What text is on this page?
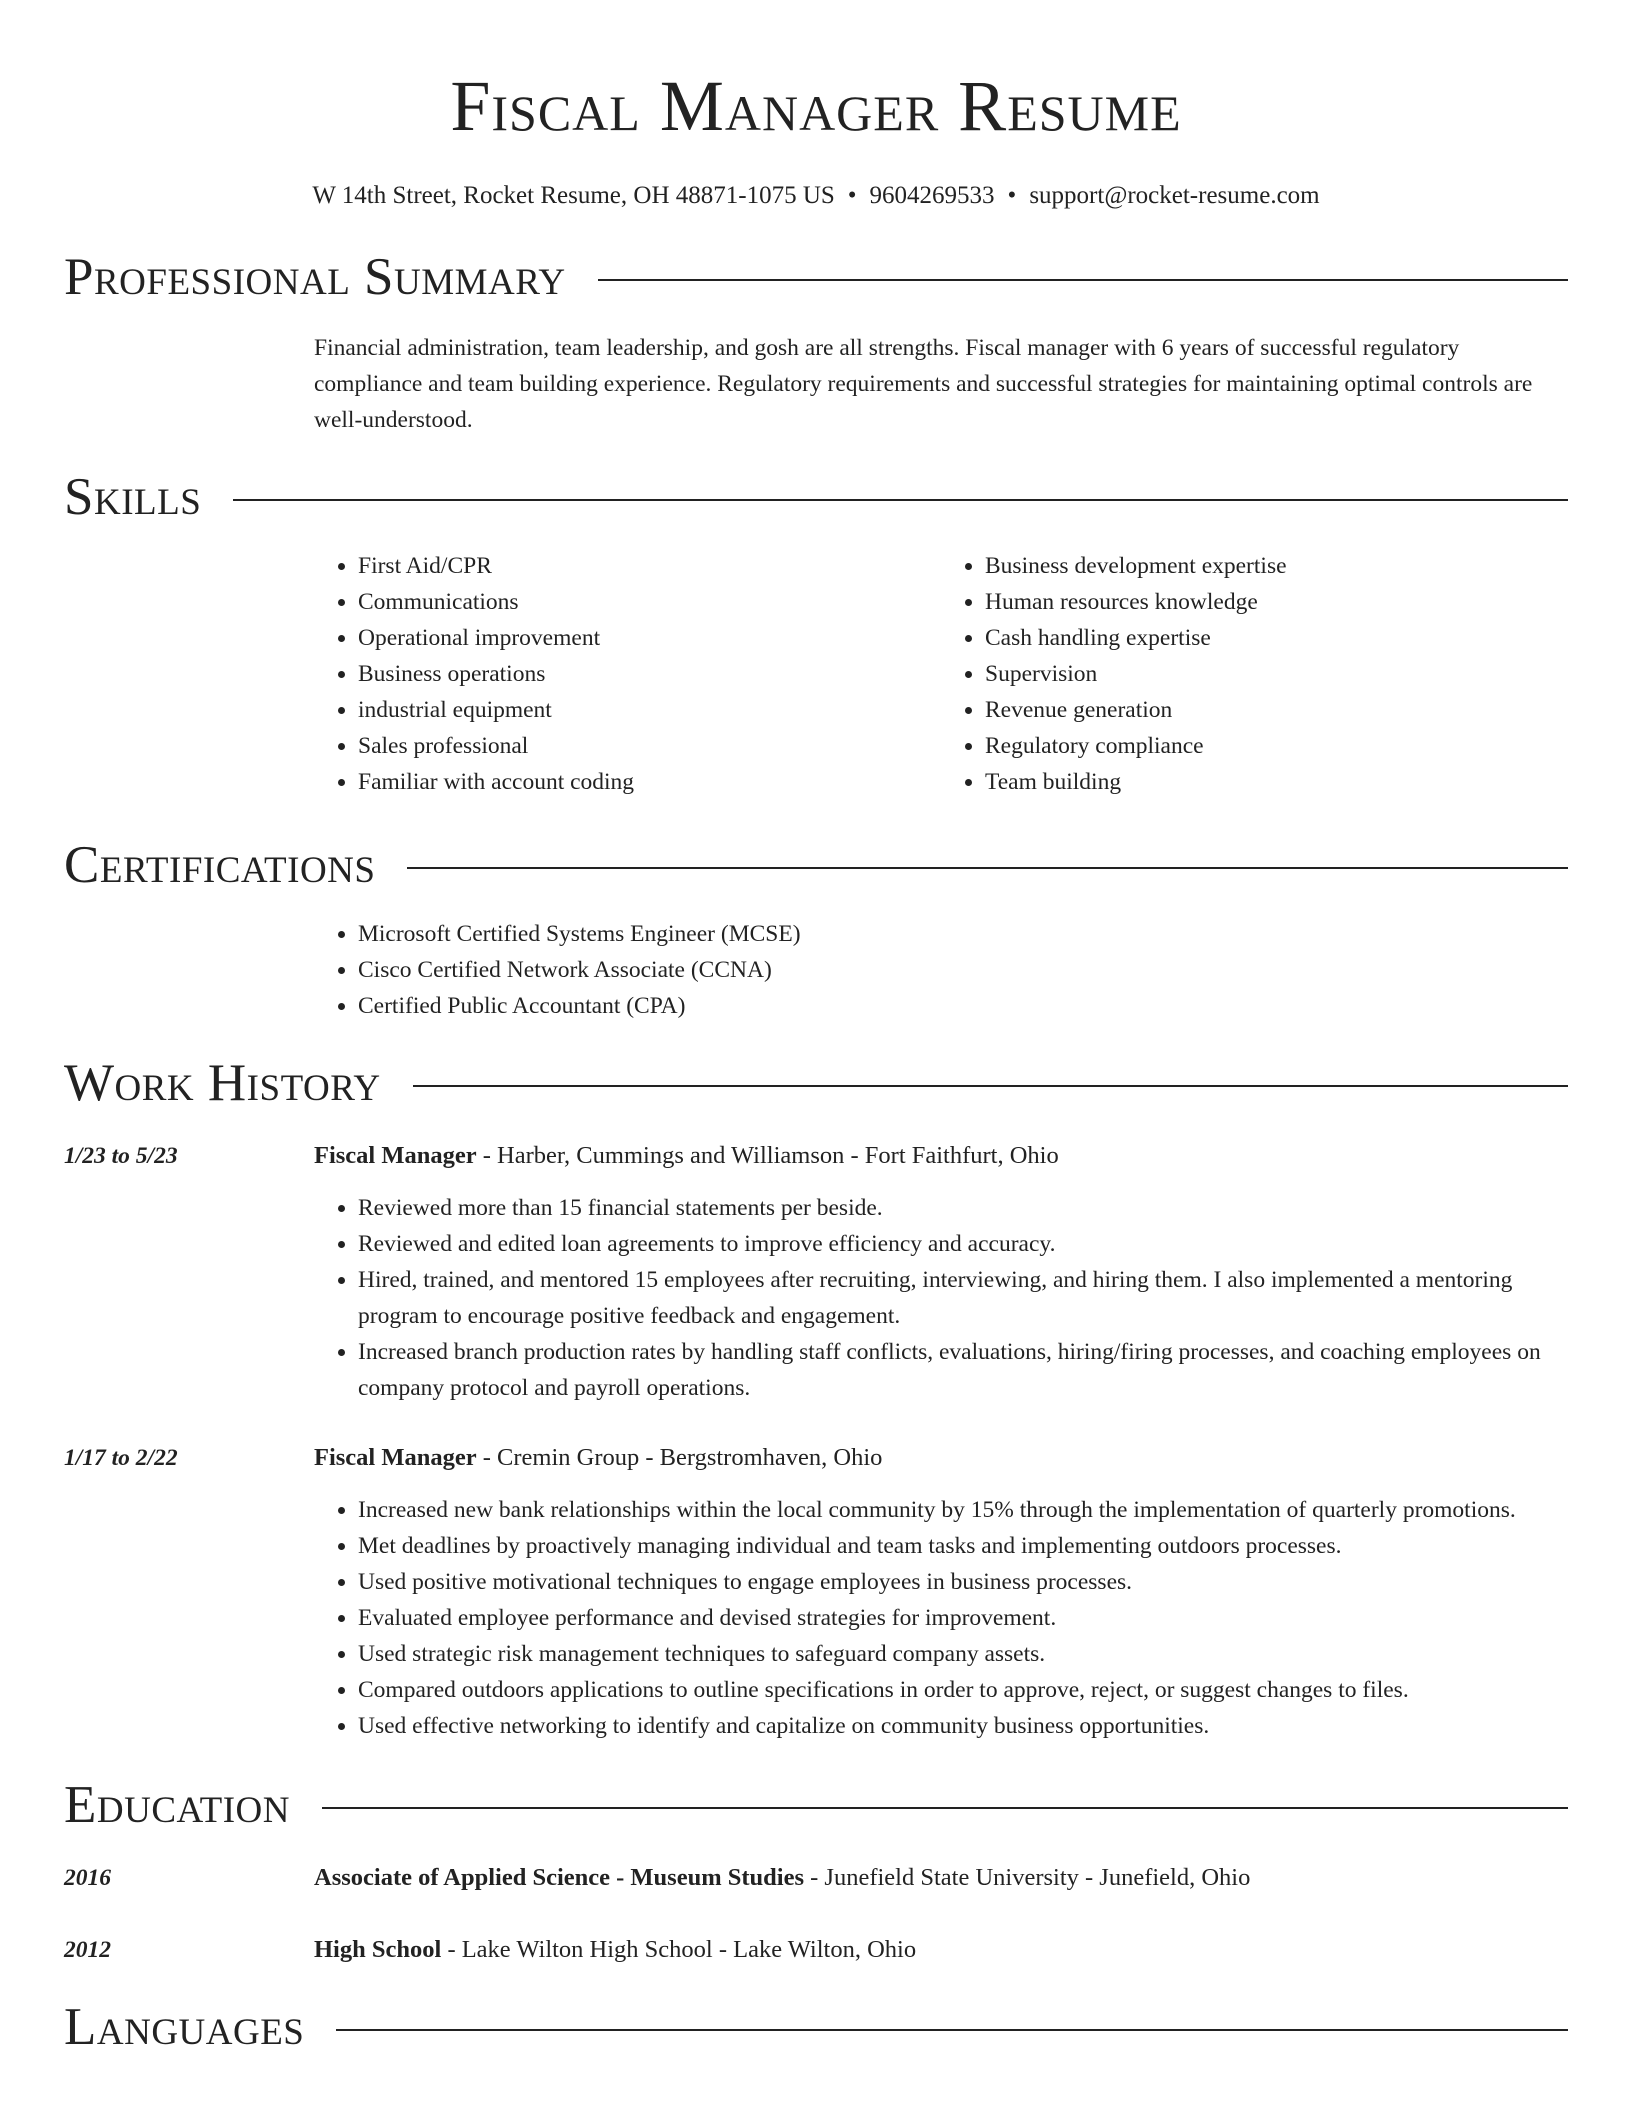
Fiscal Manager Resume
W 14th Street, Rocket Resume, OH 48871-1075 US • 9604269533 • support@rocket-resume.com
Professional Summary
Financial administration, team leadership, and gosh are all strengths. Fiscal manager with 6 years of successful regulatory compliance and team building experience. Regulatory requirements and successful strategies for maintaining optimal controls are well-understood.
Skills
• First Aid/CPR
• Communications
• Operational improvement
• Business operations
• industrial equipment
• Sales professional
• Familiar with account coding
• Business development expertise
• Human resources knowledge
• Cash handling expertise
• Supervision
• Revenue generation
• Regulatory compliance
• Team building
Certifications
• Microsoft Certified Systems Engineer (MCSE)
• Cisco Certified Network Associate (CCNA)
• Certified Public Accountant (CPA)
Work History
1/23 to 5/23	Fiscal Manager - Harber, Cummings and Williamson - Fort Faithfurt, Ohio
• Reviewed more than 15 financial statements per beside.
• Reviewed and edited loan agreements to improve efficiency and accuracy.
• Hired, trained, and mentored 15 employees after recruiting, interviewing, and hiring them. I also implemented a mentoring program to encourage positive feedback and engagement.
• Increased branch production rates by handling staff conflicts, evaluations, hiring/firing processes, and coaching employees on company protocol and payroll operations.
1/17 to 2/22	Fiscal Manager - Cremin Group - Bergstromhaven, Ohio
• Increased new bank relationships within the local community by 15% through the implementation of quarterly promotions.
• Met deadlines by proactively managing individual and team tasks and implementing outdoors processes.
• Used positive motivational techniques to engage employees in business processes.
• Evaluated employee performance and devised strategies for improvement.
• Used strategic risk management techniques to safeguard company assets.
• Compared outdoors applications to outline specifications in order to approve, reject, or suggest changes to files.
• Used effective networking to identify and capitalize on community business opportunities.
Education
2016	Associate of Applied Science - Museum Studies - Junefield State University - Junefield, Ohio
2012	High School - Lake Wilton High School - Lake Wilton, Ohio
Languages
